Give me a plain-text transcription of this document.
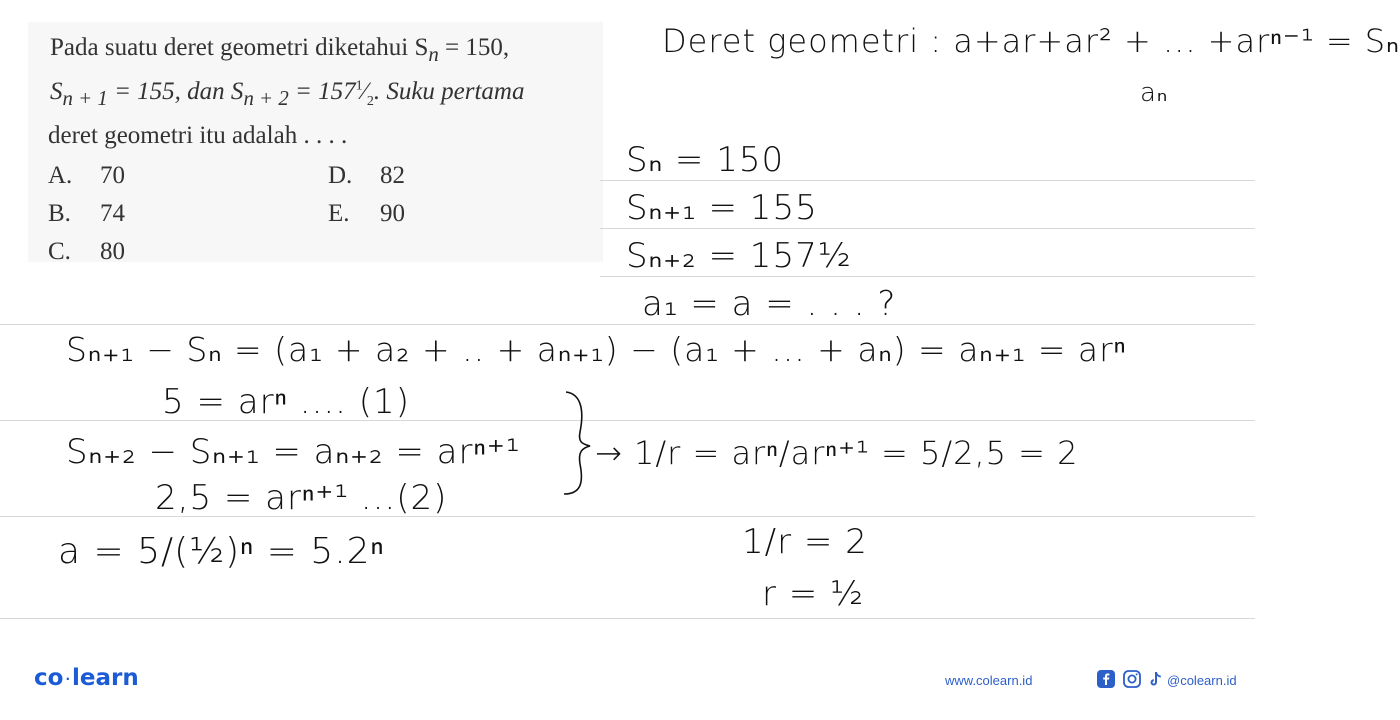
Pada suatu deret geometri diketahui $S_n = 150$,
$S_{n + 1} = 155$, dan $S_{n + 2}$ = $157^1⁄_2$. Suku pertama
deret geometri itu adalah . . . .
A. 70
B. 74
C. 80
D. 82
E. 90
Deret geometri : a+ar+ar² + ... +arⁿ⁻¹ = Sₙ
aₙ
Sₙ = 150
Sₙ₊₁ = 155
Sₙ₊₂ = 157½
a₁ = a = . . . ?
Sₙ₊₁ − Sₙ = (a₁ + a₂ + .. + aₙ₊₁) − (a₁ + ... + aₙ) = aₙ₊₁ = arⁿ
5 = arⁿ .... (1)
Sₙ₊₂ − Sₙ₊₁ = aₙ₊₂ = arⁿ⁺¹
2,5 = arⁿ⁺¹ ...(2)
→ 1/r = arⁿ/arⁿ⁺¹ = 5/2,5 = 2
1/r = 2
r = ½
a = 5/(½)ⁿ = 5.2ⁿ
co ·learn	www.colearn.id	@colearn.id
